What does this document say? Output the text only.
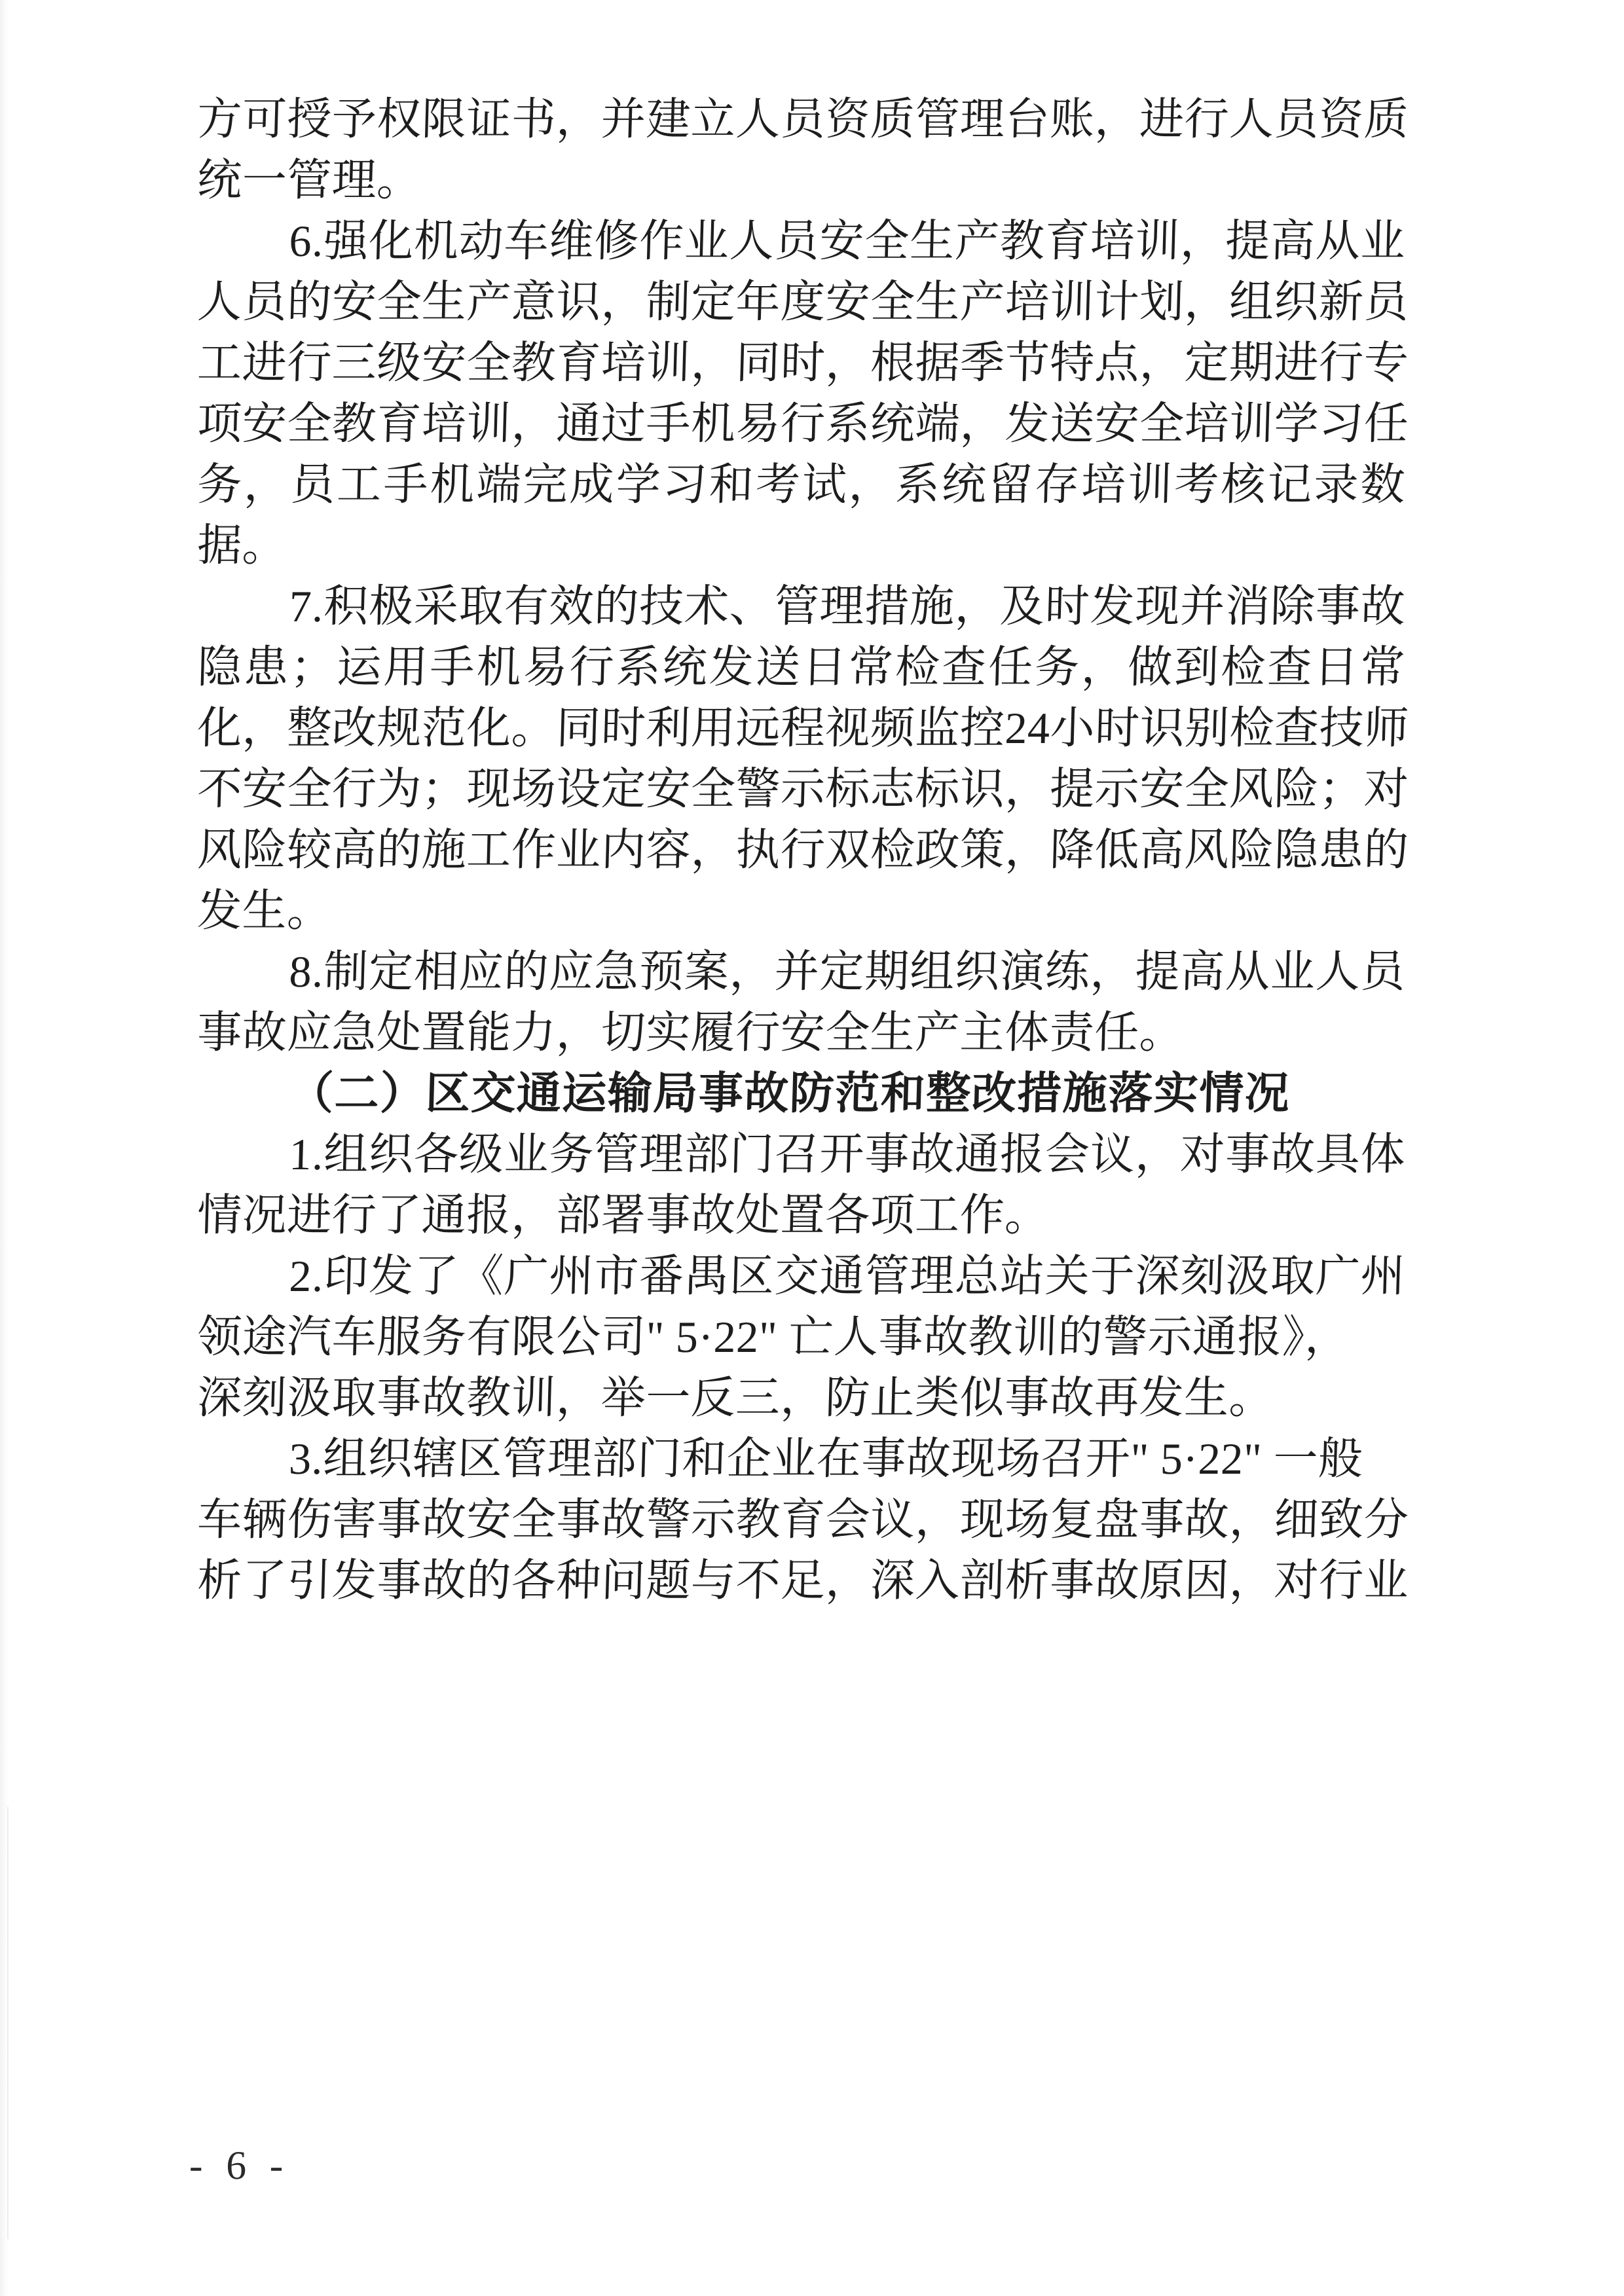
方
可
授
予
权
限
证
书
，
并
建
立
人
员
资
质
管
理
台
账
，
进
行
人
员
资
质
统一管理。
6
.
强
化
机
动
车
维
修
作
业
人
员
安
全
生
产
教
育
培
训
，
提
高
从
业
人
员
的
安
全
生
产
意
识
，
制
定
年
度
安
全
生
产
培
训
计
划
，
组
织
新
员
工
进
行
三
级
安
全
教
育
培
训
，
同
时
，
根
据
季
节
特
点
，
定
期
进
行
专
项
安
全
教
育
培
训
，
通
过
手
机
易
行
系
统
端
，
发
送
安
全
培
训
学
习
任
务 ， 员 工 手 机 端 完 成 学 习 和 考 试 ， 系 统 留 存 培 训 考 核 记 录 数
据。
7
.
积
极
采
取
有
效
的
技
术
、
管
理
措
施
，
及
时
发
现
并
消
除
事
故
隐 患 ； 运 用 手 机 易 行 系 统 发 送 日 常 检 查 任 务 ， 做 到 检 查 日 常
化
，
整
改
规
范
化
。
同
时
利
用
远
程
视
频
监
控
2
4
小
时
识
别
检
查
技
师
不
安
全
行
为
；
现
场
设
定
安
全
警
示
标
志
标
识
，
提
示
安
全
风
险
；
对
风
险
较
高
的
施
工
作
业
内
容
，
执
行
双
检
政
策
，
降
低
高
风
险
隐
患
的
发生。
8
.
制
定
相
应
的
应
急
预
案
，
并
定
期
组
织
演
练
，
提
高
从
业
人
员
事故应急处置能力，切实履行安全生产主体责任。
（二）区交通运输局事故防范和整改措施落实情况
1
.
组
织
各
级
业
务
管
理
部
门
召
开
事
故
通
报
会
议
，
对
事
故
具
体
情况进行了通报，部署事故处置各项工作。
2
.
印
发
了
《
广
州
市
番
禺
区
交
通
管
理
总
站
关
于
深
刻
汲
取
广
州
领途汽车服务有限公司" 5·22" 亡人事故教训的警示通报》，
深刻汲取事故教训，举一反三，防止类似事故再发生。
3.组织辖区管理部门和企业在事故现场召开" 5·22" 一般
车
辆
伤
害
事
故
安
全
事
故
警
示
教
育
会
议
，
现
场
复
盘
事
故
，
细
致
分
析
了
引
发
事
故
的
各
种
问
题
与
不
足
，
深
入
剖
析
事
故
原
因
，
对
行
业
- 6 -
